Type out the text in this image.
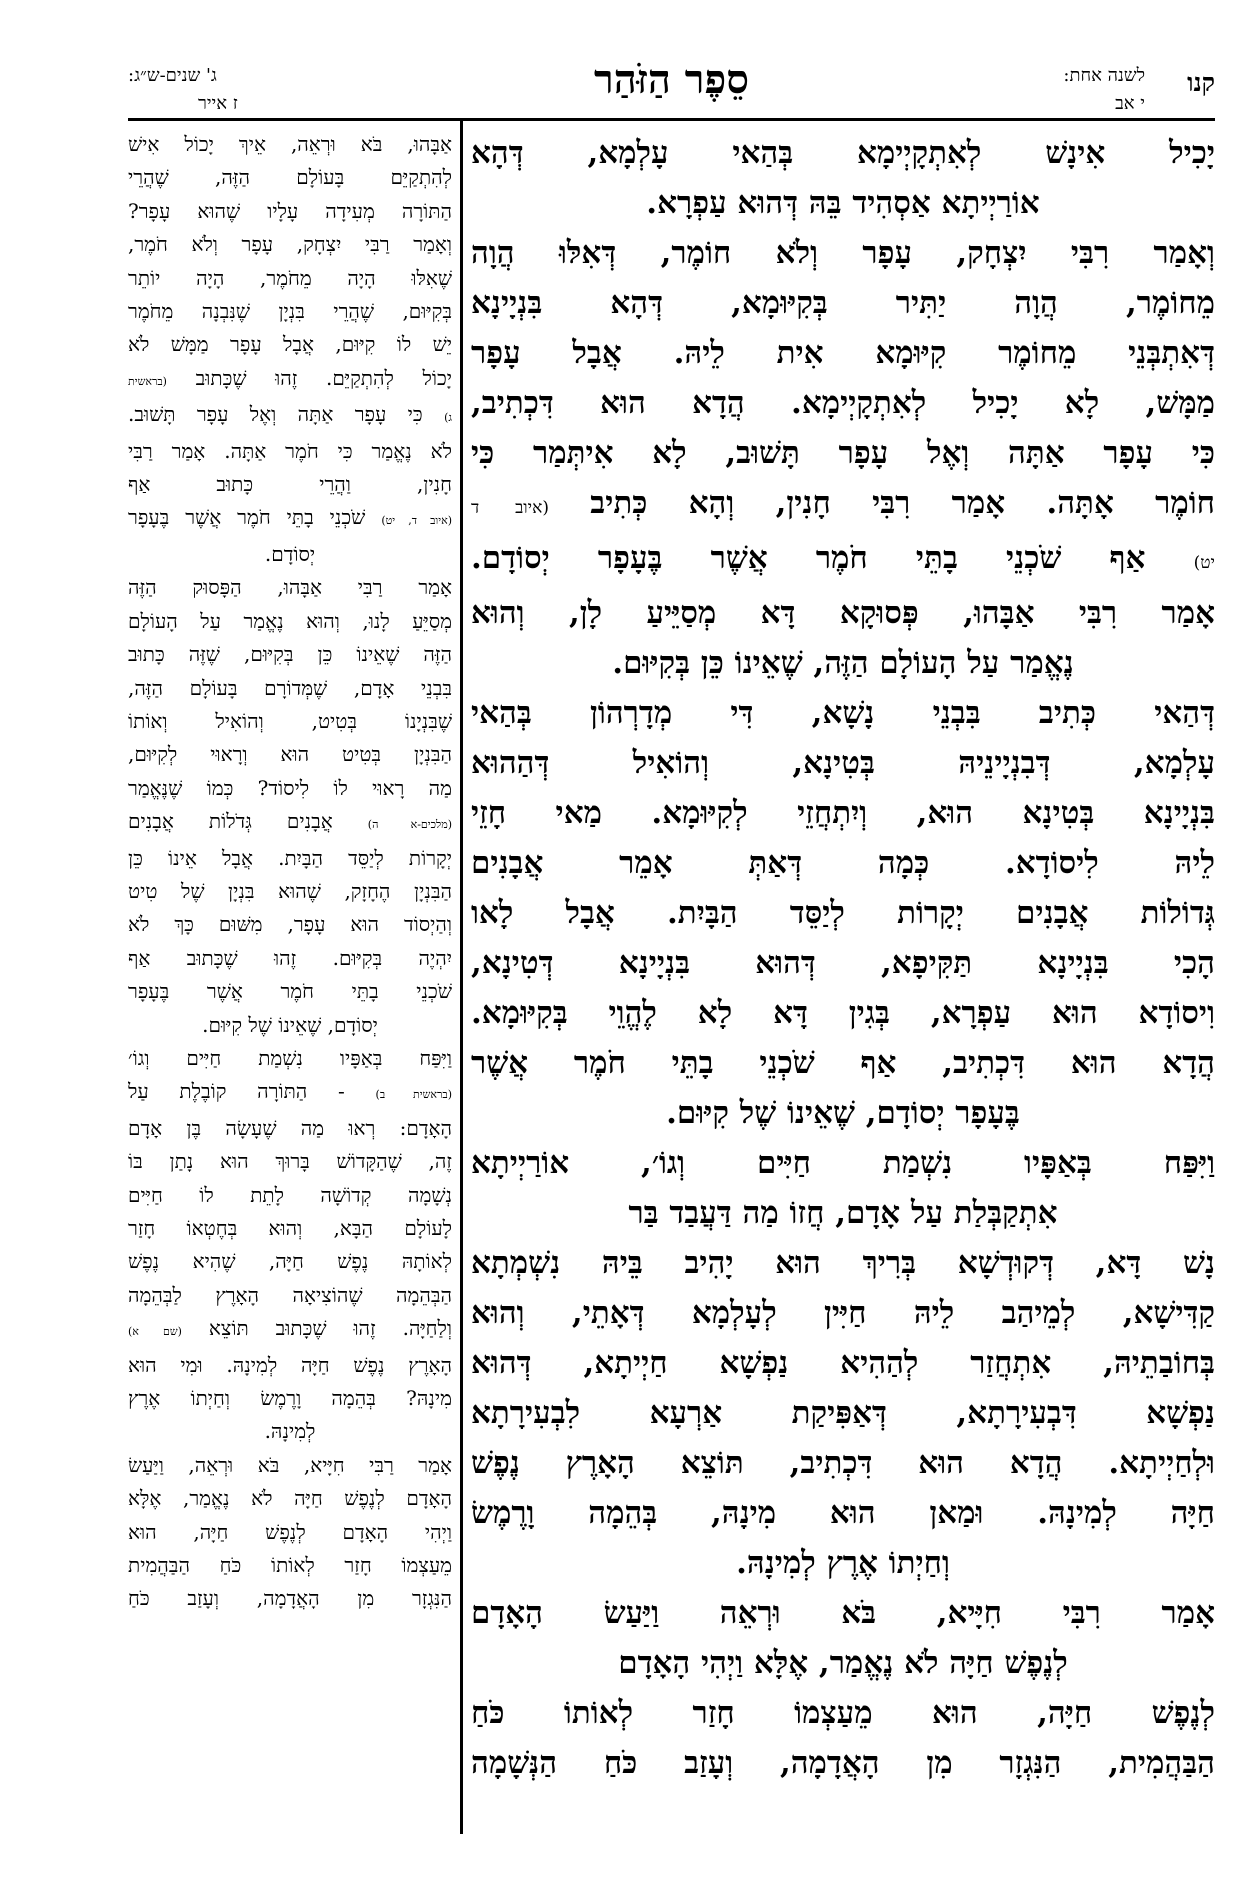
קנו
לשנה אחת:
י אב
סֵפֶר הַזֹּהַר
ג' שנים-ש״ג:
ז אייר

יָכִיל אִינָשׁ לְאִתְקָיְימָא בְּהַאי עָלְמָא, דְּהָא

אוֹרַיְיתָא אַסְהִיד בֵּהּ דְּהוּא עַפְרָא.

וְאָמַר רִבִּי יִצְחָק, עָפָר וְלֹא חוֹמֶר, דְּאִלּוּ הֲוָה

מֵחוֹמֶר, הֲוָה יַתִּיר בְּקִיּוּמָא, דְּהָא בִּנְיָינָא

דְּאִתְבְּנֵי מֵחוֹמֶר קִיּוּמָא אִית לֵיהּ. אֲבָל עָפָר

מַמָּשׁ, לָא יָכִיל לְאִתְקָיְימָא. הֲדָא הוּא דִּכְתִיב,

כִּי עָפָר אַתָּה וְאֶל עָפָר תָּשׁוּב, לָא אִיתְּמַר כִּי

חוֹמֶר אָתָּה. אָמַר רִבִּי חָנִין, וְהָא כְּתִיב (איוב ד

יט) אַף שֹׁכְנֵי בָתֵּי חֹמֶר אֲשֶׁר בֶּעָפָר יְסוֹדָם.

אָמַר רִבִּי אַבָּהוּ, פְּסוּקָא דָּא מְסַיֵּיעַ לָן, וְהוּא

נֶאֱמַר עַל הָעוֹלָם הַזֶּה, שֶׁאֵינוֹ כֵּן בְּקִיּוּם.

דְּהַאי כְּתִיב בִּבְנֵי נָשָׁא, דִּי מְדָרְהוֹן בְּהַאי

עָלְמָא, דְּבִנְיָינֵיהּ בְּטִינָא, וְהוֹאִיל דְּהַהוּא

בִּנְיָינָא בְּטִינָא הוּא, וְיִתְחֲזֵי לְקִיּוּמָא. מַאי חָזֵי

לֵיהּ לִיסוֹדָא. כְּמָה דְּאַתְּ אָמֵר אֲבָנִים

גְּדוֹלוֹת אֲבָנִים יְקָרוֹת לְיַסֵּד הַבָּיִת. אֲבָל לָאו

הָכִי בִּנְיָינָא תַּקִּיפָא, דְּהוּא בִּנְיָינָא דְּטִינָא,

וִיסוֹדָא הוּא עַפְרָא, בְּגִין דָּא לָא לֶהֱוֵי בְּקִיּוּמָא.

הֲדָא הוּא דִּכְתִיב, אַף שֹׁכְנֵי בָתֵּי חֹמֶר אֲשֶׁר

בֶּעָפָר יְסוֹדָם, שֶׁאֵינוֹ שֶׁל קִיּוּם.

וַיִּפַּח בְּאַפָּיו נִשְׁמַת חַיִּים וְגוֹ׳, אוֹרַיְיתָא

אִתְקַבְּלַת עַל אָדָם, חֲזוֹ מַה דַּעֲבַד בַּר

נָשׁ דָּא, דְּקוּדְשָׁא בְּרִיךְ הוּא יָהִיב בֵּיהּ נִשְׁמְתָא

קַדִּישָׁא, לְמֵיהַב לֵיהּ חַיִּין לְעָלְמָא דְּאָתֵי, וְהוּא

בְּחוֹבַתֵיהּ, אִתְחֲזַר לְהַהִיא נַפְשָׁא חַיְיתָא, דְּהוּא

נַפְשָׁא דִּבְעִירָתָא, דְּאַפִּיקַת אַרְעָא לִבְעִירָתָא

וּלְחַיְיתָא. הֲדָא הוּא דִּכְתִיב, תּוֹצֵא הָאָרֶץ נֶפֶשׁ

חַיָּה לְמִינָהּ. וּמַאן הוּא מִינָהּ, בְּהֵמָה וָרֶמֶשׂ

וְחַיְתוֹ אֶרֶץ לְמִינָהּ.

אָמַר רִבִּי חִיָּיא, בֹּא וּרְאֵה וַיַּעַשׂ הָאָדָם

לְנֶפֶשׁ חַיָּה לֹא נֶאֱמַר, אֶלָּא וַיְהִי הָאָדָם

לְנֶפֶשׁ חַיָּה, הוּא מֵעַצְמוֹ חָזַר לְאוֹתוֹ כֹּחַ

הַבַּהֲמִית, הַנִּגְזָר מִן הָאֲדָמָה, וְעָזַב כֹּחַ הַנְּשָׁמָה

אַבָּהוּ, בֹּא וּרְאֵה, אֵיךְ יָכוֹל אִישׁ

לְהִתְקַיֵּם בָּעוֹלָם הַזֶּה, שֶׁהֲרֵי

הַתּוֹרָה מְעִידָה עָלָיו שֶׁהוּא עָפָר?

וְאָמַר רַבִּי יִצְחָק, עָפָר וְלֹא חֹמֶר,

שֶׁאִלּוּ הָיָה מֵחֹמֶר, הָיָה יוֹתֵר

בְּקִיּוּם, שֶׁהֲרֵי בִּנְיָן שֶׁנִּבְנָה מֵחֹמֶר

יֵשׁ לוֹ קִיּוּם, אֲבָל עָפָר מַמָּשׁ לֹא

יָכוֹל לְהִתְקַיֵּם. זֶהוּ שֶׁכָּתוּב (בראשית

ג) כִּי עָפָר אַתָּה וְאֶל עָפָר תָּשׁוּב.

לֹא נֶאֱמַר כִּי חֹמֶר אַתָּה. אָמַר רַבִּי

חָנִין, וַהֲרֵי כָּתוּב אַף

(איוב ד, יט) שֹׁכְנֵי בָתֵּי חֹמֶר אֲשֶׁר בֶּעָפָר

יְסוֹדָם.

אָמַר רַבִּי אַבָּהוּ, הַפָּסוּק הַזֶּה

מְסַיֵּעַ לָנוּ, וְהוּא נֶאֱמַר עַל הָעוֹלָם

הַזֶּה שֶׁאֵינוֹ כֵּן בְּקִיּוּם, שֶׁזֶּה כָּתוּב

בִּבְנֵי אָדָם, שֶׁמְּדוֹרָם בָּעוֹלָם הַזֶּה,

שֶׁבִּנְיָנוֹ בְּטִיט, וְהוֹאִיל וְאוֹתוֹ

הַבִּנְיָן בְּטִיט הוּא וְרָאוּי לְקִיּוּם,

מַה רָאוּי לוֹ לִיסוֹד? כְּמוֹ שֶׁנֶּאֱמַר

(מלכים-א ה) אֲבָנִים גְּדֹלוֹת אֲבָנִים

יְקָרוֹת לְיַסֵּד הַבָּיִת. אֲבָל אֵינוֹ כֵּן

הַבִּנְיָן הֶחָזָק, שֶׁהוּא בִּנְיָן שֶׁל טִיט

וְהַיְסוֹד הוּא עָפָר, מִשּׁוּם כָּךְ לֹא

יִהְיֶה בְּקִיּוּם. זֶהוּ שֶׁכָּתוּב אַף

שֹׁכְנֵי בָתֵּי חֹמֶר אֲשֶׁר בֶּעָפָר

יְסוֹדָם, שֶׁאֵינוֹ שֶׁל קִיּוּם.

וַיִּפַּח בְּאַפָּיו נִשְׁמַת חַיִּים וְגוֹ׳

(בראשית ב) - הַתּוֹרָה קוֹבֶלֶת עַל

הָאָדָם: רְאוּ מַה שֶׁעָשָׂה בֶּן אָדָם

זֶה, שֶׁהַקָּדוֹשׁ בָּרוּךְ הוּא נָתַן בּוֹ

נְשָׁמָה קְדוֹשָׁה לָתֵת לוֹ חַיִּים

לָעוֹלָם הַבָּא, וְהוּא בְּחֶטְאוֹ חָזַר

לְאוֹתָהּ נֶפֶשׁ חַיָּה, שֶׁהִיא נֶפֶשׁ

הַבְּהֵמָה שֶׁהוֹצִיאָה הָאָרֶץ לַבְּהֵמָה

וְלַחַיָּה. זֶהוּ שֶׁכָּתוּב תּוֹצֵא (שם א)

הָאָרֶץ נֶפֶשׁ חַיָּה לְמִינָהּ. וּמִי הוּא

מִינָהּ? בְּהֵמָה וָרֶמֶשׂ וְחַיְתוֹ אֶרֶץ

לְמִינָהּ.

אָמַר רַבִּי חִיָּיא, בֹּא וּרְאֵה, וַיַּעַשׂ

הָאָדָם לְנֶפֶשׁ חַיָּה לֹא נֶאֱמַר, אֶלָּא

וַיְהִי הָאָדָם לְנֶפֶשׁ חַיָּה, הוּא

מֵעַצְמוֹ חָזַר לְאוֹתוֹ כֹּחַ הַבַּהֲמִית

הַנִּגְזָר מִן הָאֲדָמָה, וְעָזַב כֹּחַ
